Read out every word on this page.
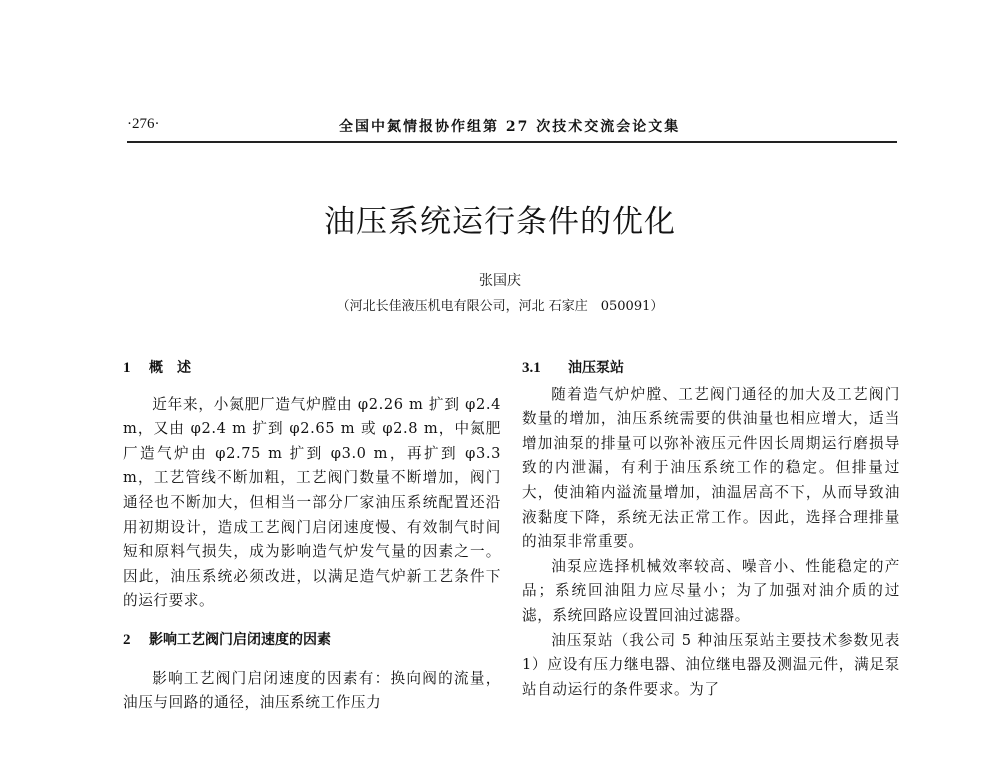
·276·	全国中氮情报协作组第 27 次技术交流会论文集
油压系统运行条件的优化
张国庆
（河北长佳液压机电有限公司，河北 石家庄　050091）
1 概　述

近年来，小氮肥厂造气炉膛由 φ2.26 m 扩到 φ2.4 m，又由 φ2.4 m 扩到 φ2.65 m 或 φ2.8 m，中氮肥厂造气炉由 φ2.75 m 扩到 φ3.0 m，再扩到 φ3.3 m，工艺管线不断加粗，工艺阀门数量不断增加，阀门通径也不断加大，但相当一部分厂家油压系统配置还沿用初期设计，造成工艺阀门启闭速度慢、有效制气时间短和原料气损失，成为影响造气炉发气量的因素之一。因此，油压系统必须改进，以满足造气炉新工艺条件下的运行要求。

2 影响工艺阀门启闭速度的因素

影响工艺阀门启闭速度的因素有：换向阀的流量，油压与回路的通径，油压系统工作压力

3.1 油压泵站

随着造气炉炉膛、工艺阀门通径的加大及工艺阀门数量的增加，油压系统需要的供油量也相应增大，适当增加油泵的排量可以弥补液压元件因长周期运行磨损导致的内泄漏，有利于油压系统工作的稳定。但排量过大，使油箱内溢流量增加，油温居高不下，从而导致油液黏度下降，系统无法正常工作。因此，选择合理排量的油泵非常重要。

油泵应选择机械效率较高、噪音小、性能稳定的产品；系统回油阻力应尽量小；为了加强对油介质的过滤，系统回路应设置回油过滤器。

油压泵站（我公司 5 种油压泵站主要技术参数见表 1）应设有压力继电器、油位继电器及测温元件，满足泵站自动运行的条件要求。为了
